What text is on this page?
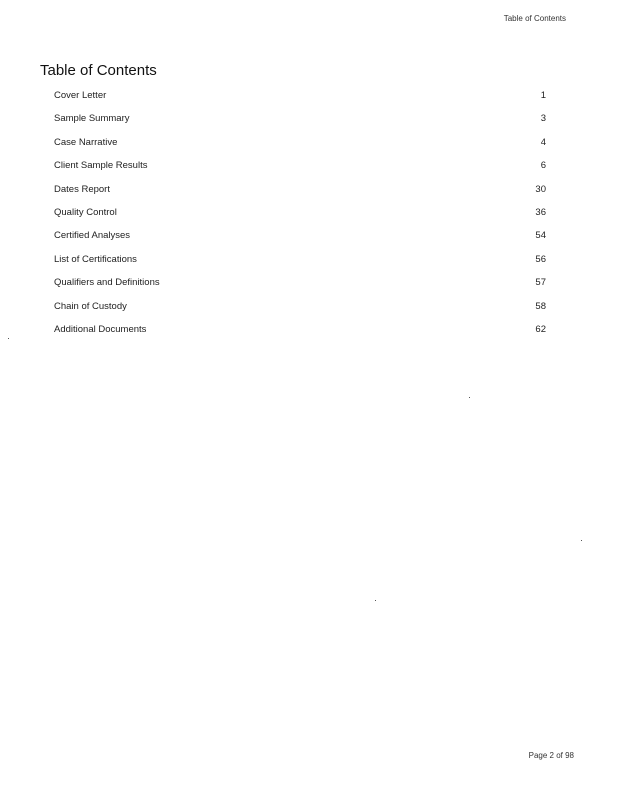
Table of Contents
Table of Contents
Cover Letter	1
Sample Summary	3
Case Narrative	4
Client Sample Results	6
Dates Report	30
Quality Control	36
Certified Analyses	54
List of Certifications	56
Qualifiers and Definitions	57
Chain of Custody	58
Additional Documents	62
Page 2 of 98
